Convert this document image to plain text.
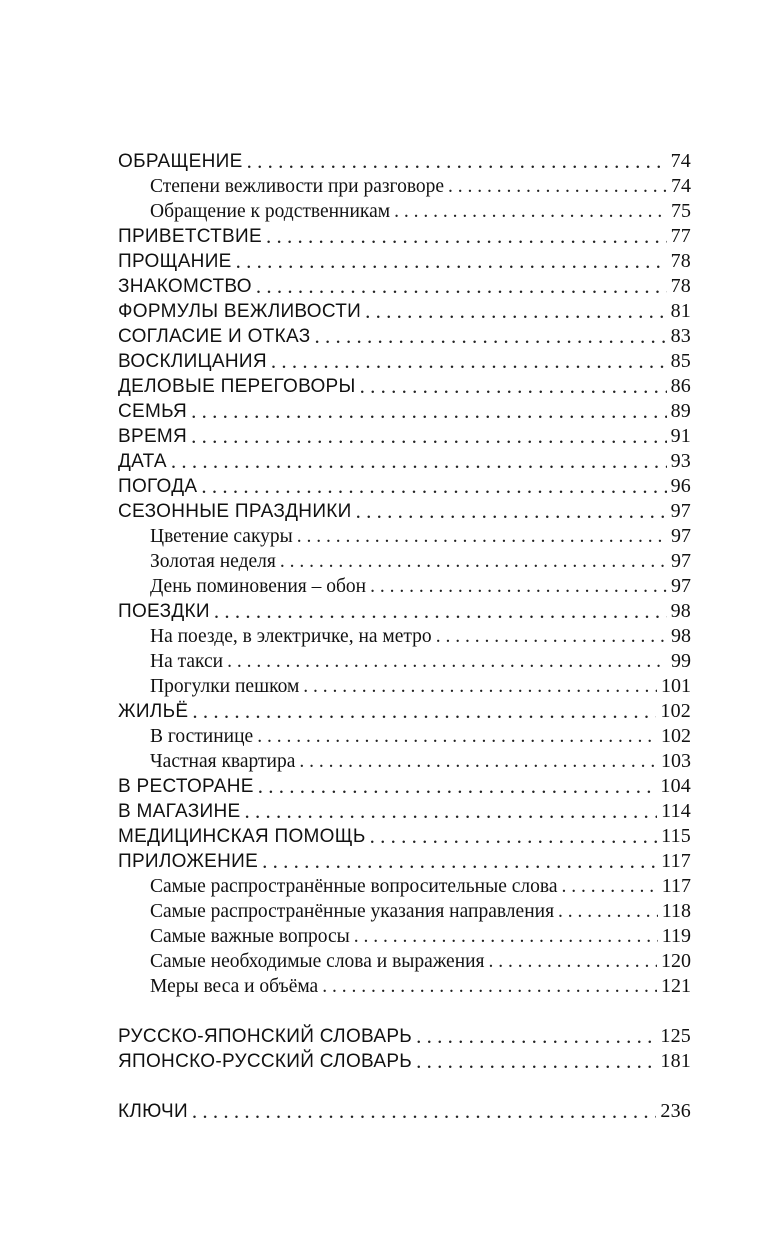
ОБРАЩЕНИЕ . . .	74
Степени вежливости при разговоре . . .	74
Обращение к родственникам . . .	75
ПРИВЕТСТВИЕ . . .	77
ПРОЩАНИЕ . . .	78
ЗНАКОМСТВО . . .	78
ФОРМУЛЫ ВЕЖЛИВОСТИ . . .	81
СОГЛАСИЕ И ОТКАЗ . . .	83
ВОСКЛИЦАНИЯ . . .	85
ДЕЛОВЫЕ ПЕРЕГОВОРЫ . . .	86
СЕМЬЯ . . .	89
ВРЕМЯ . . .	91
ДАТА . . .	93
ПОГОДА . . .	96
СЕЗОННЫЕ ПРАЗДНИКИ . . .	97
Цветение сакуры . . .	97
Золотая неделя . . .	97
День поминовения – обон . . .	97
ПОЕЗДКИ . . .	98
На поезде, в электричке, на метро . . .	98
На такси . . .	99
Прогулки пешком . . .	101
ЖИЛЬЁ . . .	102
В гостинице . . .	102
Частная квартира . . .	103
В РЕСТОРАНЕ . . .	104
В МАГАЗИНЕ . . .	114
МЕДИЦИНСКАЯ ПОМОЩЬ . . .	115
ПРИЛОЖЕНИЕ . . .	117
Самые распространённые вопросительные слова . . .	117
Самые распространённые указания направления . . .	118
Самые важные вопросы . . .	119
Самые необходимые слова и выражения . . .	120
Меры веса и объёма . . .	121
РУССКО-ЯПОНСКИЙ СЛОВАРЬ . . .	125
ЯПОНСКО-РУССКИЙ СЛОВАРЬ . . .	181
КЛЮЧИ . . .	236
